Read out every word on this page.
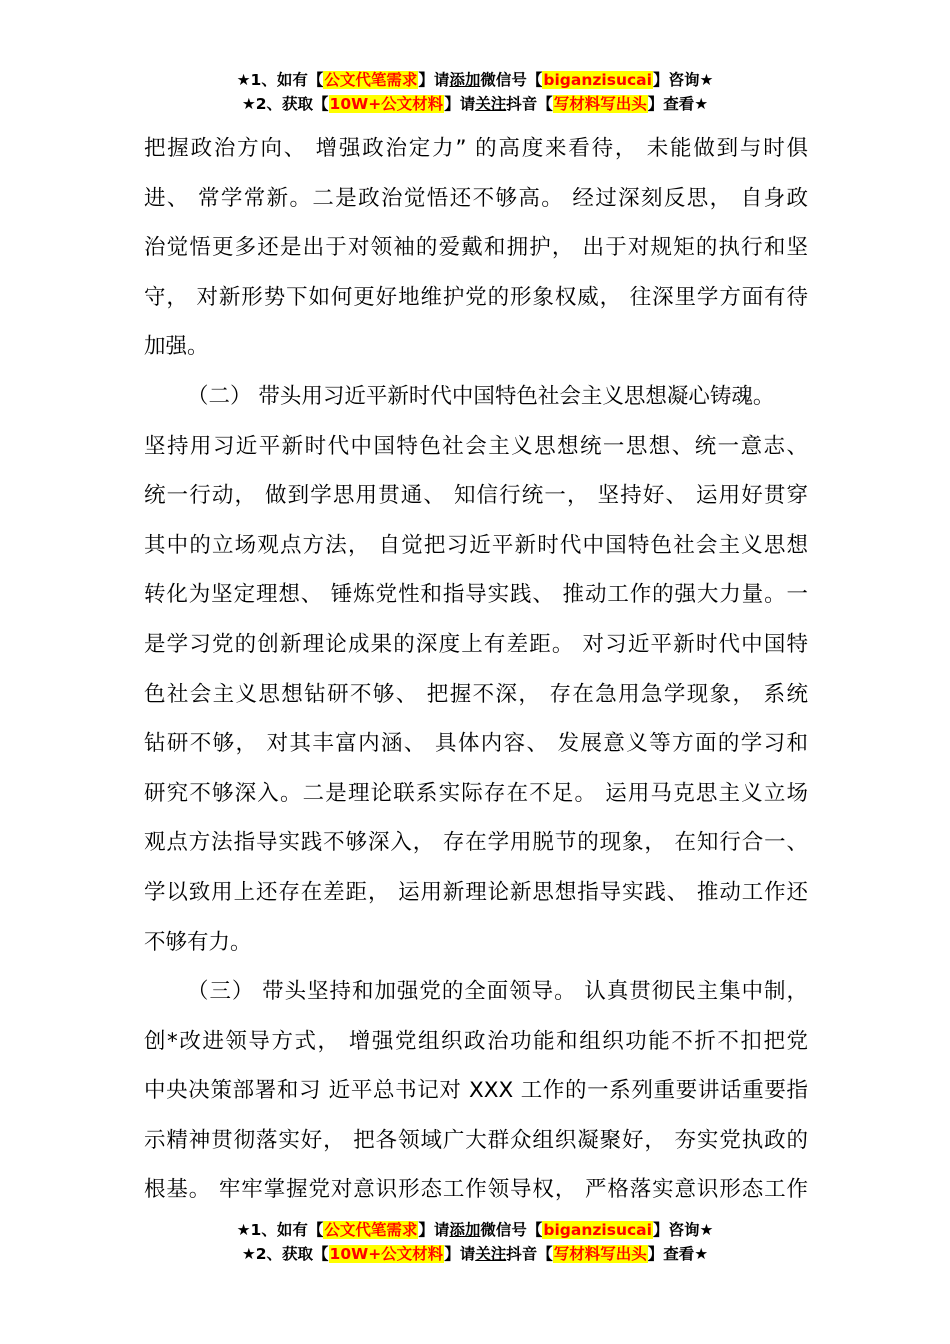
★1、如有【公文代笔需求】请添加微信号【biganzisucai】咨询★
★2、获取【10W+公文材料】请关注抖音【写材料写出头】查看★
把握政治方向、 增强政治定力” 的高度来看待， 未能做到与时俱
进、 常学常新。二是政治觉悟还不够高。 经过深刻反思， 自身政
治觉悟更多还是出于对领袖的爱戴和拥护， 出于对规矩的执行和坚
守， 对新形势下如何更好地维护党的形象权威， 往深里学方面有待
加强。
（二） 带头用习近平新时代中国特色社会主义思想凝心铸魂。
坚持用习近平新时代中国特色社会主义思想统一思想、统一意志、
统一行动， 做到学思用贯通、 知信行统一， 坚持好、 运用好贯穿
其中的立场观点方法， 自觉把习近平新时代中国特色社会主义思想
转化为坚定理想、 锤炼党性和指导实践、 推动工作的强大力量。一
是学习党的创新理论成果的深度上有差距。 对习近平新时代中国特
色社会主义思想钻研不够、 把握不深， 存在急用急学现象， 系统
钻研不够， 对其丰富内涵、 具体内容、 发展意义等方面的学习和
研究不够深入。二是理论联系实际存在不足。 运用马克思主义立场
观点方法指导实践不够深入， 存在学用脱节的现象， 在知行合一、
学以致用上还存在差距， 运用新理论新思想指导实践、 推动工作还
不够有力。
（三） 带头坚持和加强党的全面领导。 认真贯彻民主集中制，
创*改进领导方式， 增强党组织政治功能和组织功能不折不扣把党
中央决策部署和习 近平总书记对 XXX 工作的一系列重要讲话重要指
示精神贯彻落实好， 把各领域广大群众组织凝聚好， 夯实党执政的
根基。 牢牢掌握党对意识形态工作领导权， 严格落实意识形态工作
★1、如有【公文代笔需求】请添加微信号【biganzisucai】咨询★
★2、获取【10W+公文材料】请关注抖音【写材料写出头】查看★
